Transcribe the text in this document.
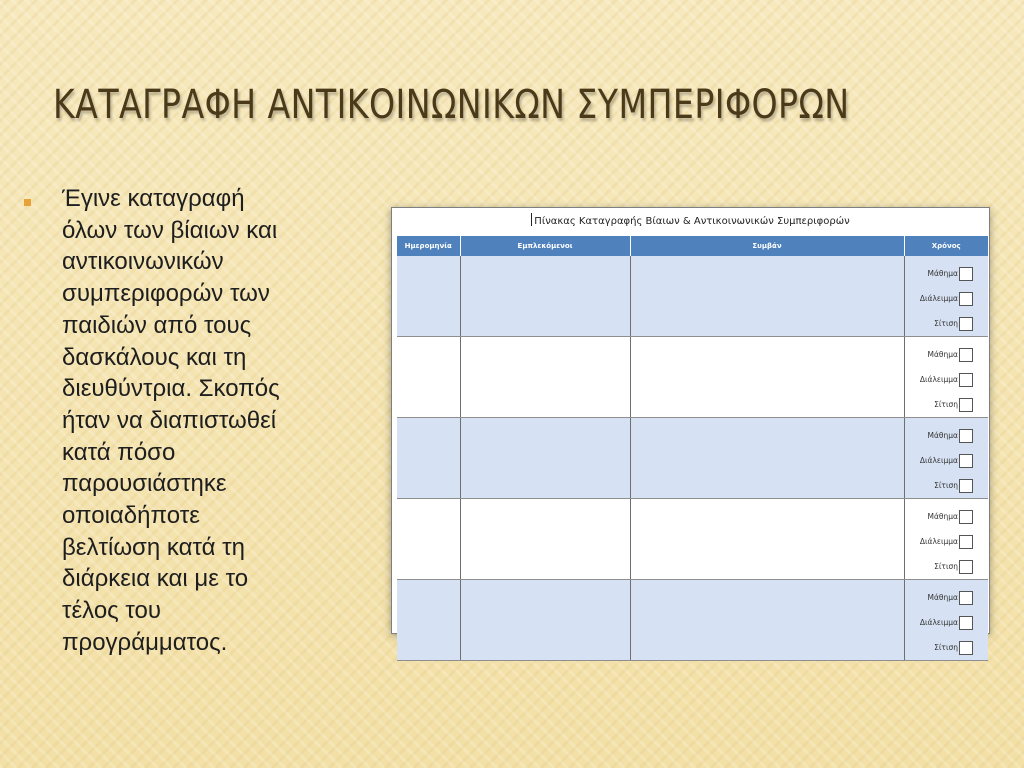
ΚΑΤΑΓΡΑΦΗ ΑΝΤΙΚΟΙΝΩΝΙΚΩΝ ΣΥΜΠΕΡΙΦΟΡΩΝ

Έγινε καταγραφή
όλων των βίαιων και
αντικοινωνικών
συμπεριφορών των
παιδιών από τους
δασκάλους και τη
διευθύντρια. Σκοπός
ήταν να διαπιστωθεί
κατά πόσο
παρουσιάστηκε
οποιαδήποτε
βελτίωση κατά τη
διάρκεια και με το
τέλος του
προγράμματος.

Πίνακας Καταγραφής Βίαιων & Αντικοινωνικών Συμπεριφορών
Ημερομηνία	Εμπλεκόμενοι	Συμβάν	Χρόνος

			Μάθημα
Διάλειμμα
Σίτιση

			Μάθημα
Διάλειμμα
Σίτιση

			Μάθημα
Διάλειμμα
Σίτιση

			Μάθημα
Διάλειμμα
Σίτιση

			Μάθημα
Διάλειμμα
Σίτιση
